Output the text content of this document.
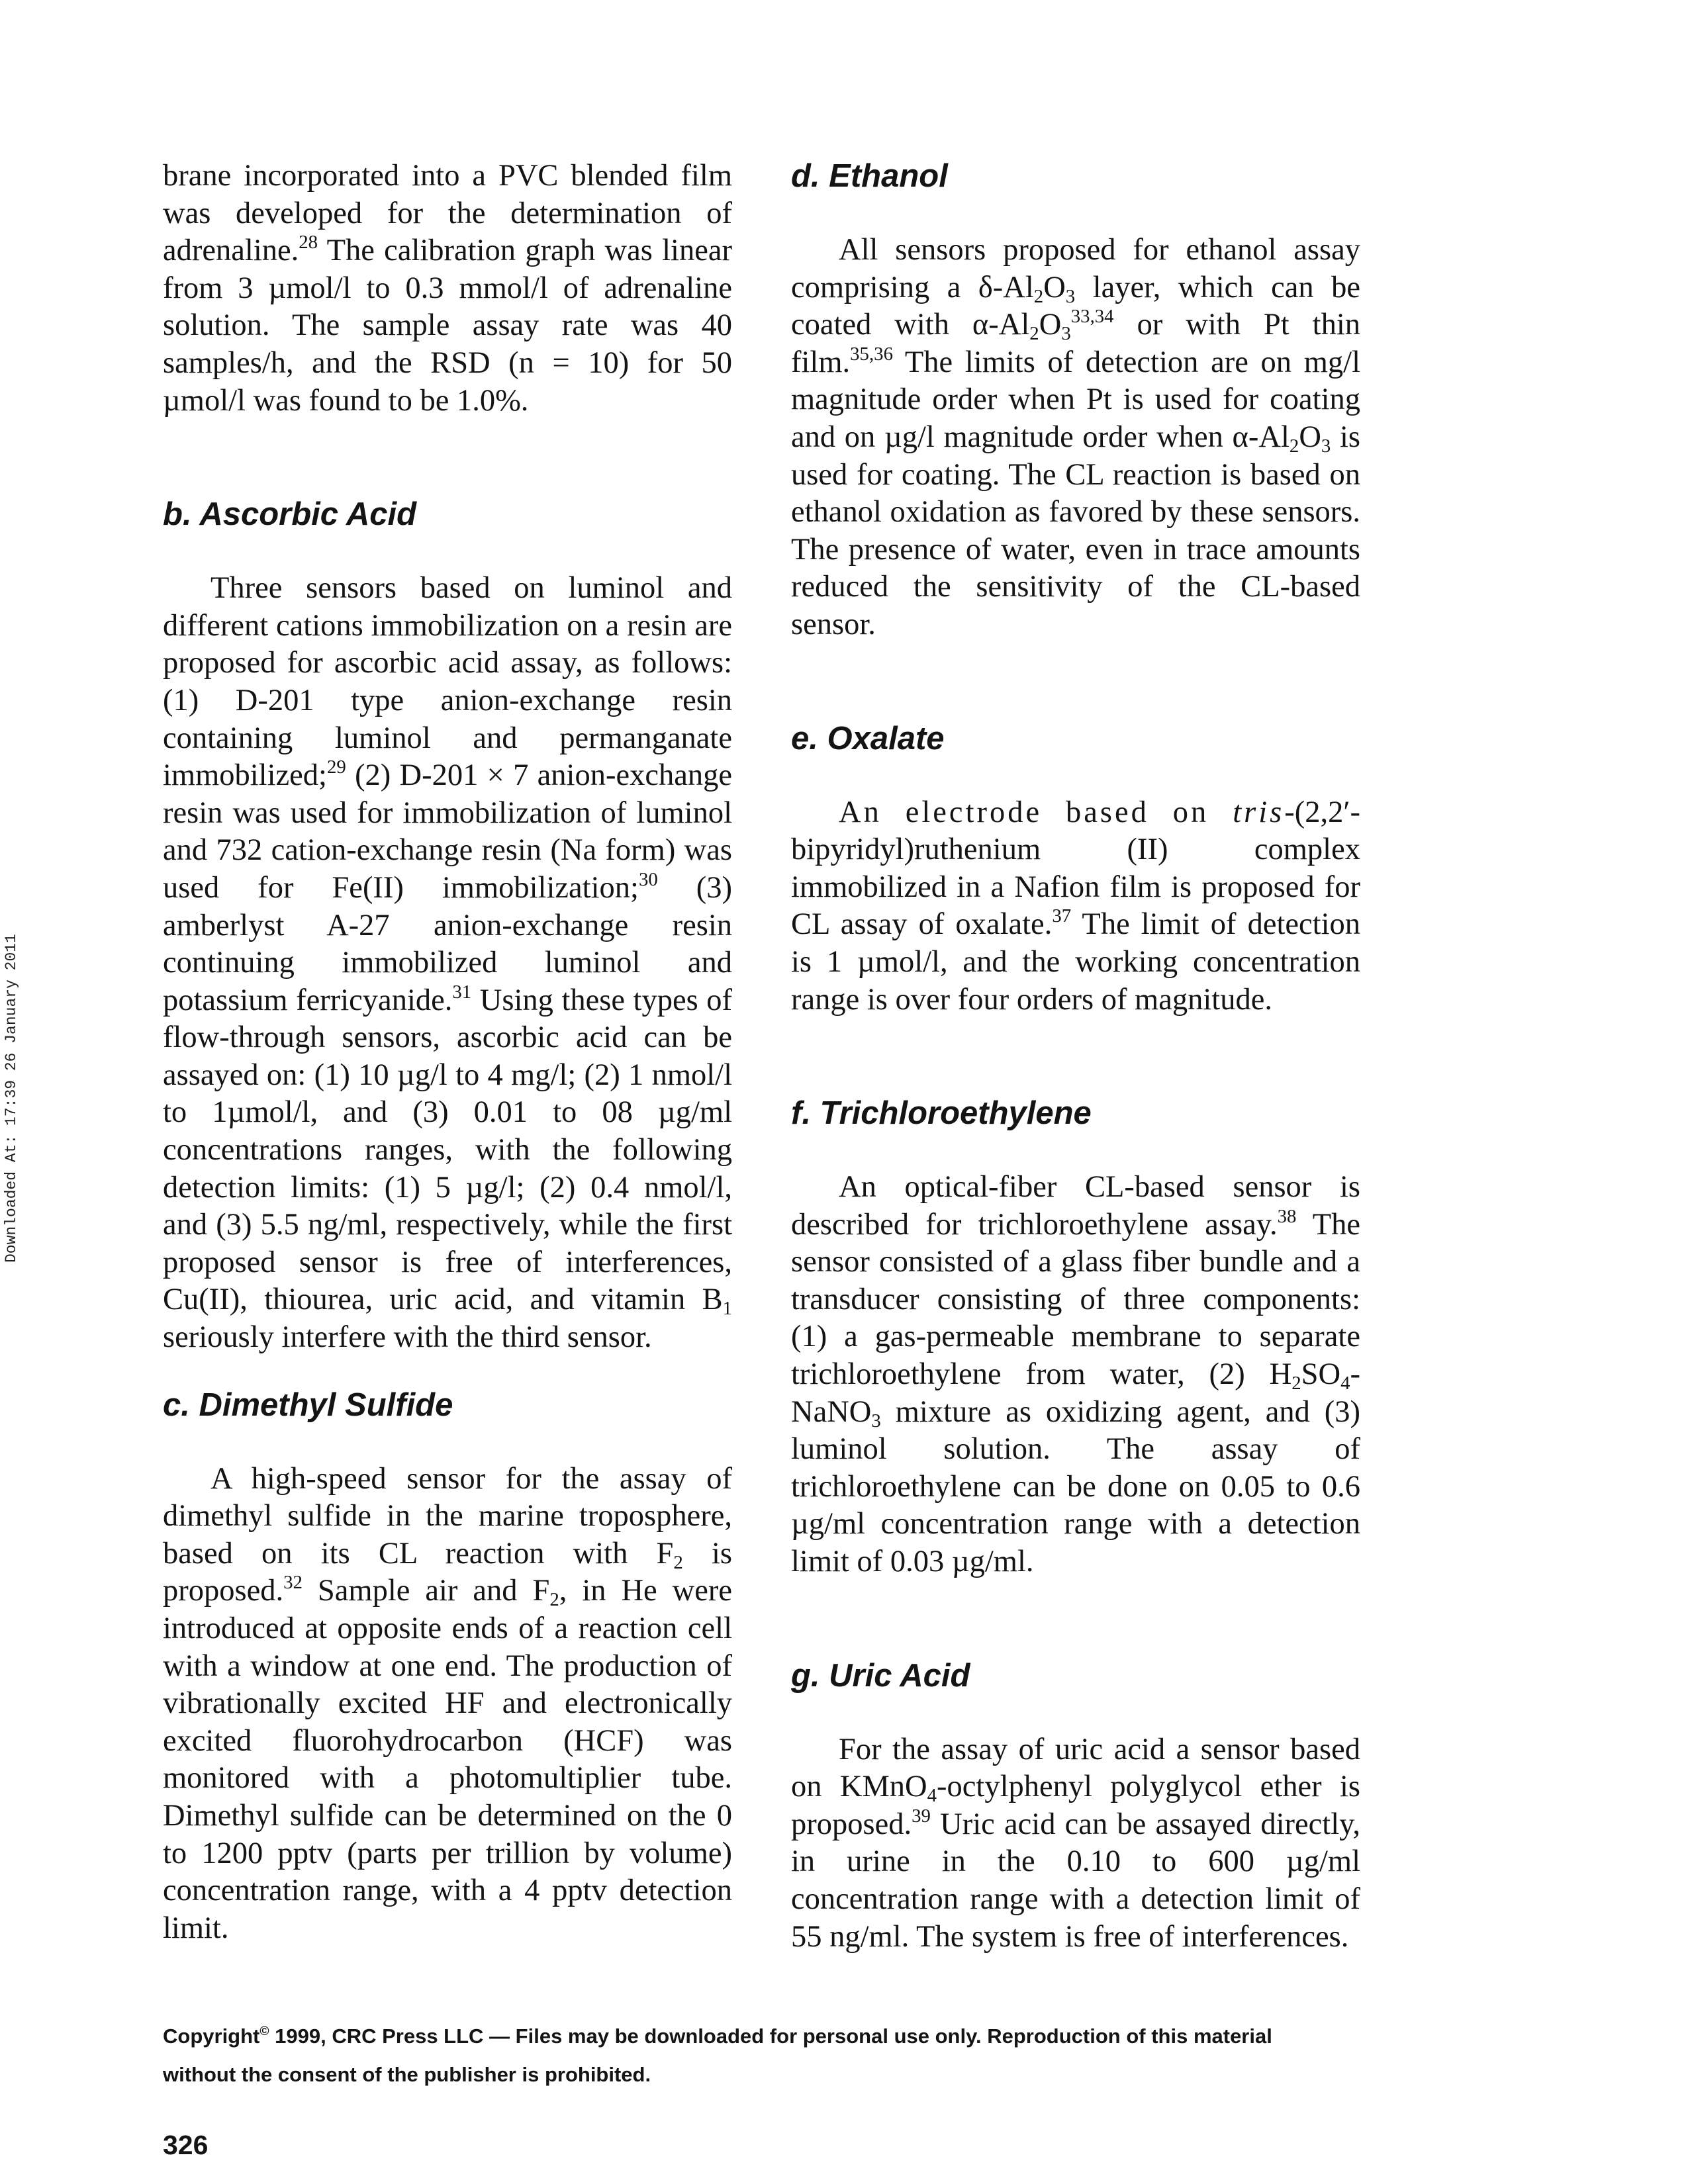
Downloaded At: 17:39 26 January 2011

brane incorporated into a PVC blended film was developed for the determination of adrenaline.$^{28}$ The calibration graph was linear from 3 µmol/l to 0.3 mmol/l of adrenaline solution. The sample assay rate was 40 samples/h, and the RSD (n = 10) for 50 µmol/l was found to be 1.0%.

b. Ascorbic Acid

Three sensors based on luminol and different cations immobilization on a resin are proposed for ascorbic acid assay, as follows: (1) D-201 type anion-exchange resin containing luminol and permanganate immobilized;$^{29}$ (2) D-201 × 7 anion-exchange resin was used for immobilization of luminol and 732 cation-exchange resin (Na form) was used for Fe(II) immobilization;$^{30}$ (3) amberlyst A-27 anion-exchange resin continuing immobilized luminol and potassium ferricyanide.$^{31}$ Using these types of flow-through sensors, ascorbic acid can be assayed on: (1) 10 µg/l to 4 mg/l; (2) 1 nmol/l to 1µmol/l, and (3) 0.01 to 08 µg/ml concentrations ranges, with the following detection limits: (1) 5 µg/l; (2) 0.4 nmol/l, and (3) 5.5 ng/ml, respectively, while the first proposed sensor is free of interferences, Cu(II), thiourea, uric acid, and vitamin $B_1$ seriously interfere with the third sensor.

c. Dimethyl Sulfide

A high-speed sensor for the assay of dimethyl sulfide in the marine troposphere, based on its CL reaction with $F_2$ is proposed.$^{32}$ Sample air and $F_2$, in He were introduced at opposite ends of a reaction cell with a window at one end. The production of vibrationally excited HF and electronically excited fluorohydrocarbon (HCF) was monitored with a photomultiplier tube. Dimethyl sulfide can be determined on the 0 to 1200 pptv (parts per trillion by volume) concentration range, with a 4 pptv detection limit.

d. Ethanol

All sensors proposed for ethanol assay comprising a $\delta-Al_2O_3$ layer, which can be coated with $\alpha-Al_2O_3^{33,34}$ or with Pt thin film.$^{35,36}$ The limits of detection are on mg/l magnitude order when Pt is used for coating and on µg/l magnitude order when $\alpha-Al_2O_3$ is used for coating. The CL reaction is based on ethanol oxidation as favored by these sensors. The presence of water, even in trace amounts reduced the sensitivity of the CL-based sensor.

e. Oxalate

An electrode based on tris-(2,2′-bipyridyl)ruthenium (II) complex immobilized in a Nafion film is proposed for CL assay of oxalate.$^{37}$ The limit of detection is 1 µmol/l, and the working concentration range is over four orders of magnitude.

f. Trichloroethylene

An optical-fiber CL-based sensor is described for trichloroethylene assay.$^{38}$ The sensor consisted of a glass fiber bundle and a transducer consisting of three components: (1) a gas-permeable membrane to separate trichloroethylene from water, (2) $H_2SO_4-NaNO_3$ mixture as oxidizing agent, and (3) luminol solution. The assay of trichloroethylene can be done on 0.05 to 0.6 µg/ml concentration range with a detection limit of 0.03 µg/ml.

g. Uric Acid

For the assay of uric acid a sensor based on KMnO$_4$-octylphenyl polyglycol ether is proposed.$^{39}$ Uric acid can be assayed directly, in urine in the 0.10 to 600 µg/ml concentration range with a detection limit of 55 ng/ml. The system is free of interferences.

Copyright© 1999, CRC Press LLC — Files may be downloaded for personal use only. Reproduction of this material
without the consent of the publisher is prohibited.
326
